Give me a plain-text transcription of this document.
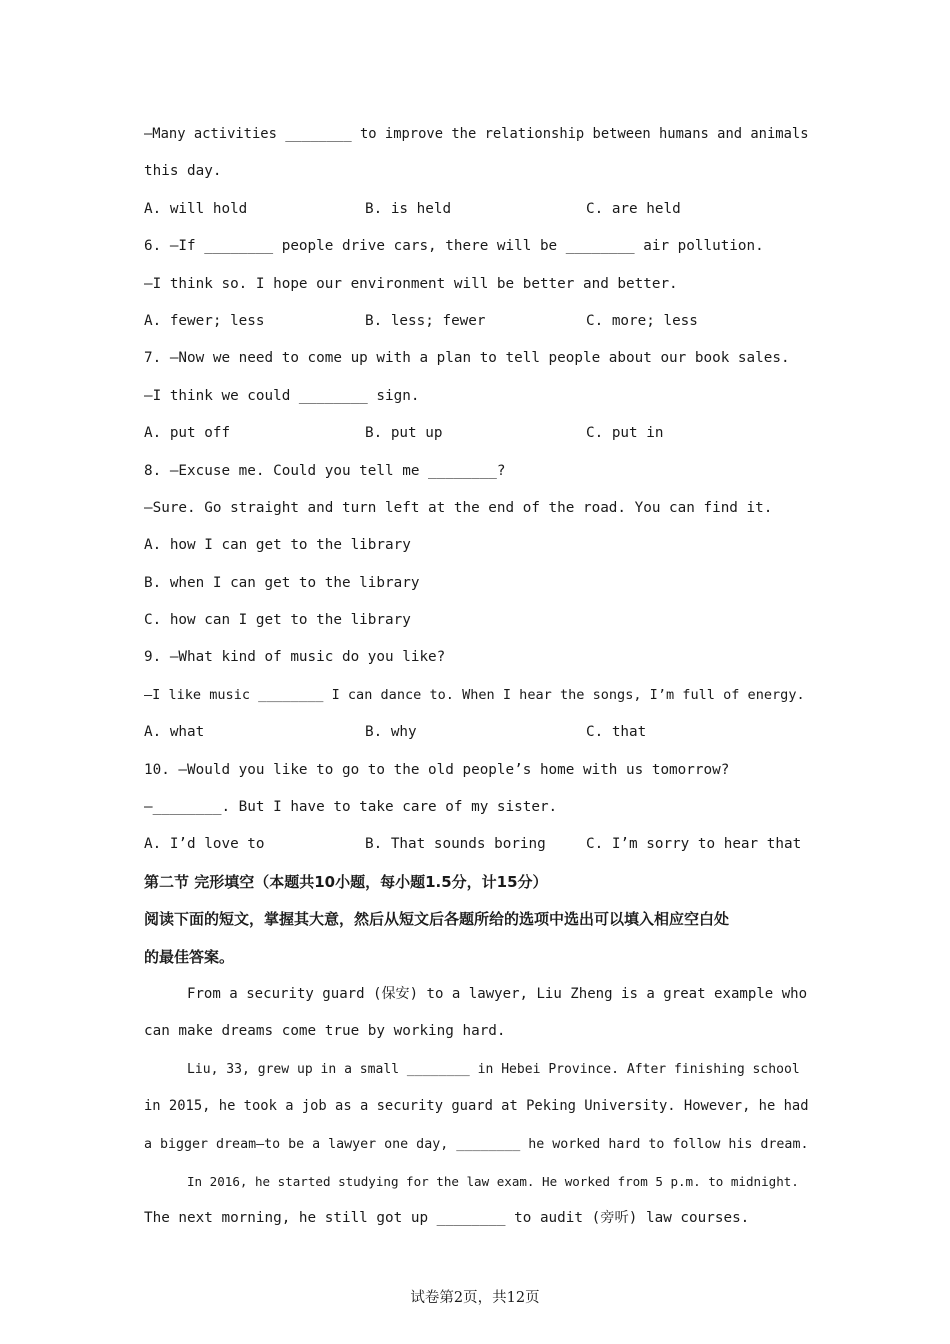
—Many activities ________ to improve the relationship between humans and animals
this day.

A. will hold

	B. is held

	C. are held

6. —If ________ people drive cars, there will be ________ air pollution.
—I think so. I hope our environment will be better and better.

A. fewer; less

	B. less; fewer

	C. more; less

7. —Now we need to come up with a plan to tell people about our book sales.
—I think we could ________ sign.

A. put off

	B. put up

	C. put in

8. —Excuse me. Could you tell me ________?
—Sure. Go straight and turn left at the end of the road. You can find it.
A. how I can get to the library
B. when I can get to the library
C. how can I get to the library
9. —What kind of music do you like?
—I like music ________ I can dance to. When I hear the songs, I’m full of energy.

A. what

	B. why

	C. that

10. —Would you like to go to the old people’s home with us tomorrow?
—________. But I have to take care of my sister.

A. I’d love to

	B. That sounds boring

	C. I’m sorry to hear that

第二节 完形填空（本题共10小题，每小题1.5分，计15分）
阅读下面的短文，掌握其大意，然后从短文后各题所给的选项中选出可以填入相应空白处
的最佳答案。
From a security guard (保安) to a lawyer, Liu Zheng is a great example who
can make dreams come true by working hard.
Liu, 33, grew up in a small ________ in Hebei Province. After finishing school
in 2015, he took a job as a security guard at Peking University. However, he had
a bigger dream—to be a lawyer one day, ________ he worked hard to follow his dream.
In 2016, he started studying for the law exam. He worked from 5 p.m. to midnight.
The next morning, he still got up ________ to audit (旁听) law courses.
试卷第2页，共12页
